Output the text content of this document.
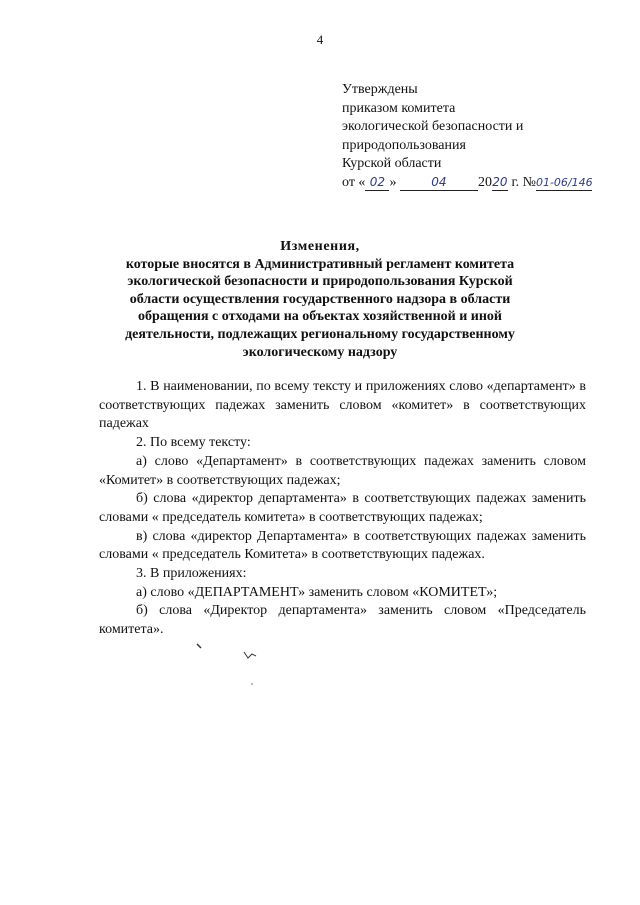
4
Утверждены
приказом комитета
экологической безопасности и
природопользования
Курской области
от « 02 »	04 2020 г. №01-06/146
Изменения,
которые вносятся в Административный регламент комитета
экологической безопасности и природопользования Курской
области осуществления государственного надзора в области
обращения с отходами на объектах хозяйственной и иной
деятельности, подлежащих региональному государственному
экологическому надзору

1. В наименовании, по всему тексту и приложениях слово «департамент» в соответствующих падежах заменить словом «комитет» в соответствующих падежах

2. По всему тексту:

а) слово «Департамент» в соответствующих падежах заменить словом «Комитет» в соответствующих падежах;

б) слова «директор департамента» в соответствующих падежах заменить словами « председатель комитета» в соответствующих падежах;

в) слова «директор Департамента» в соответствующих падежах заменить словами « председатель Комитета» в соответствующих падежах.

3. В приложениях:

а) слово «ДЕПАРТАМЕНТ» заменить словом «КОМИТЕТ»;

б) слова «Директор департамента» заменить словом «Председатель комитета».
